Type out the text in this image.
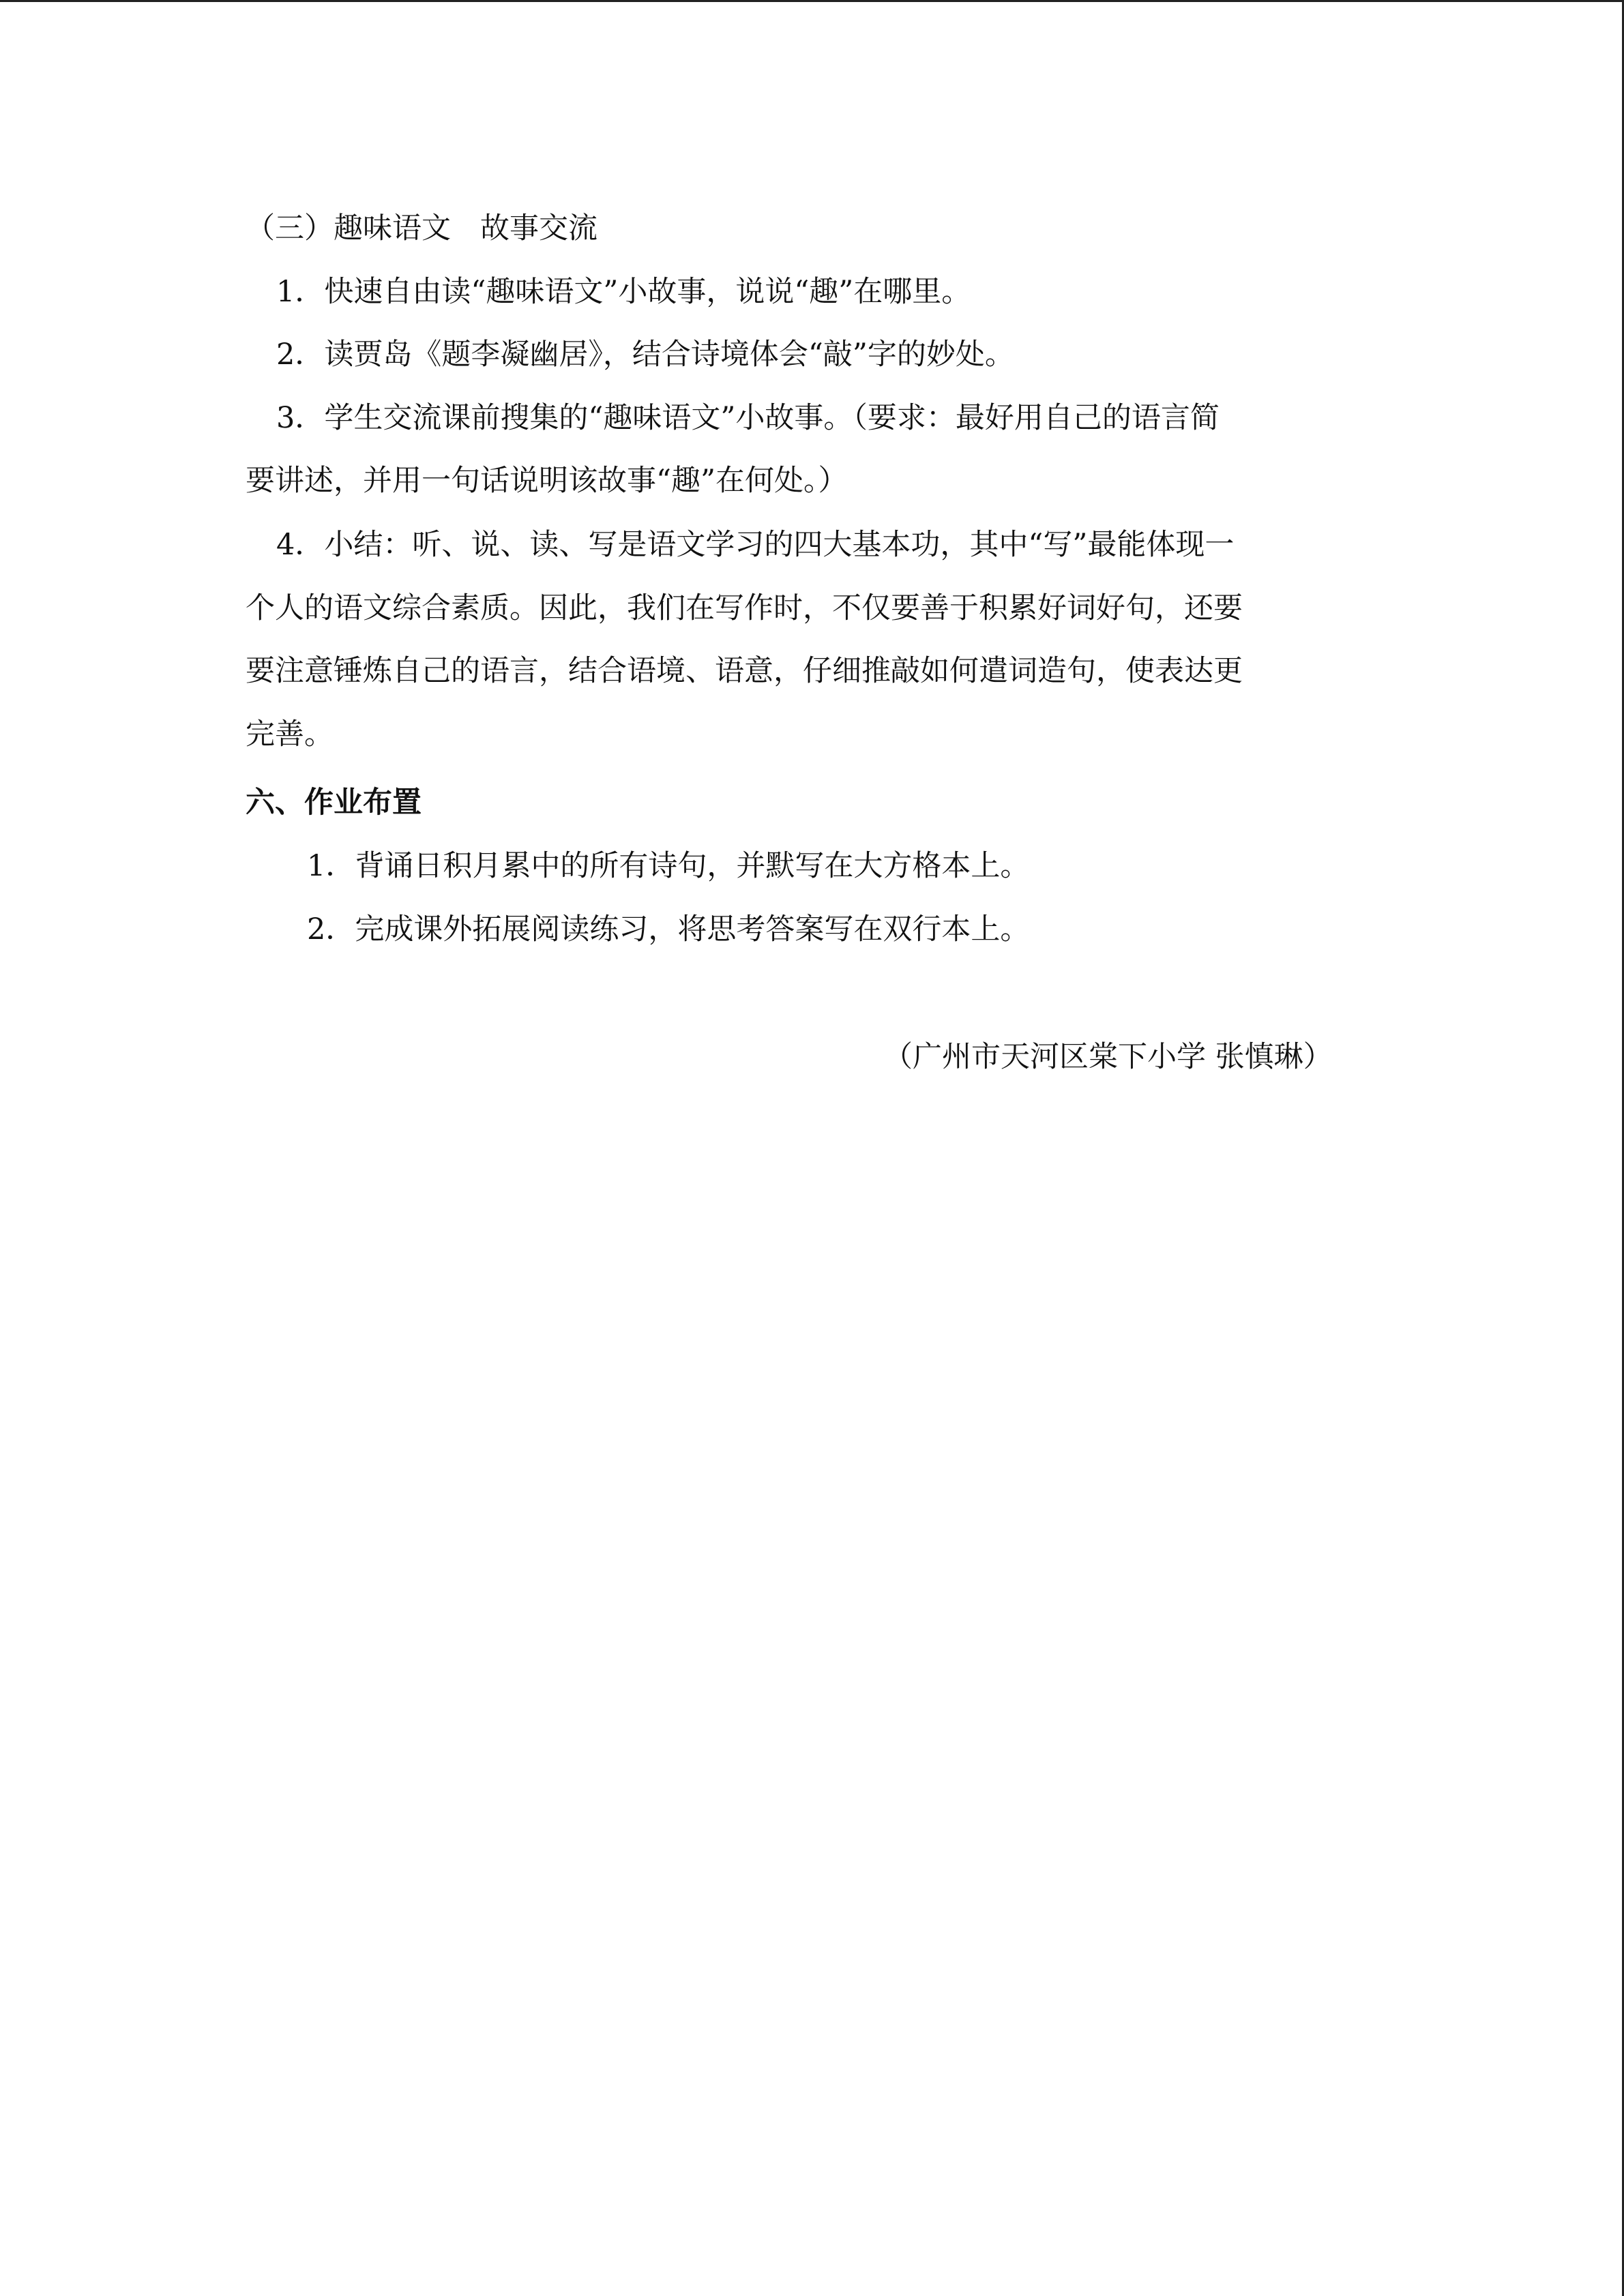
（三）趣味语文　故事交流
1．快速自由读“趣味语文”小故事，说说“趣”在哪里。
2．读贾岛《题李凝幽居》，结合诗境体会“敲”字的妙处。
3．学生交流课前搜集的“趣味语文”小故事。（要求：最好用自己的语言简
要讲述，并用一句话说明该故事“趣”在何处。）
4．小结：听、说、读、写是语文学习的四大基本功，其中“写”最能体现一
个人的语文综合素质。因此，我们在写作时，不仅要善于积累好词好句，还要
要注意锤炼自己的语言，结合语境、语意，仔细推敲如何遣词造句，使表达更
完善。
六、作业布置
1．背诵日积月累中的所有诗句，并默写在大方格本上。
2．完成课外拓展阅读练习，将思考答案写在双行本上。
（广州市天河区棠下小学 张慎琳）
